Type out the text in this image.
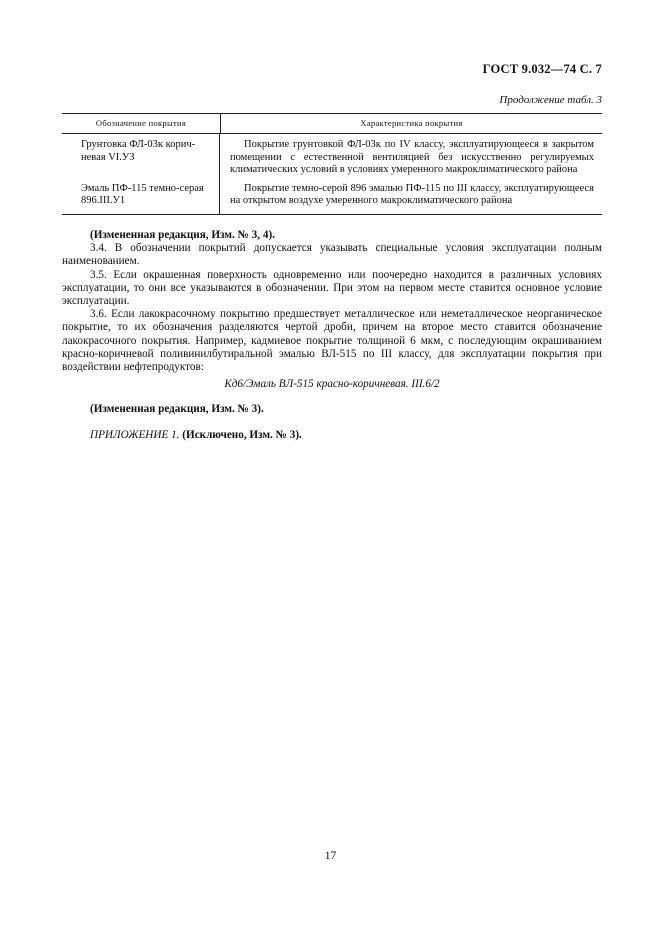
ГОСТ 9.032—74 С. 7
Продолжение табл. 3
Обозначение покрытия	Характеристика покрытия
Грунтовка ФЛ-03к корич-
невая VI.УЗ
Покрытие грунтовкой ФЛ-03к по IV классу, эксплуатирующееся в закрытом помещении с естественной вентиляцией без искусственно регулируемых климатических условий в условиях умеренного макроклиматического района
Эмаль ПФ-115 темно-серая
896.III.У1
Покрытие темно-серой 896 эмалью ПФ-115 по III классу, эксплуатирующееся на открытом воздухе умеренного макроклиматического района

(Измененная редакция, Изм. № 3, 4).

3.4. В обозначении покрытий допускается указывать специальные условия эксплуатации полным наименованием.

3.5. Если окрашенная поверхность одновременно или поочередно находится в различных условиях эксплуатации, то они все указываются в обозначении. При этом на первом месте ставится основное условие эксплуатации.

3.6. Если лакокрасочному покрытию предшествует металлическое или неметаллическое неорганическое покрытие, то их обозначения разделяются чертой дроби, причем на второе место ставится обозначение лакокрасочного покрытия. Например, кадмиевое покрытие толщиной 6 мкм, с последующим окрашиванием красно-коричневой поливинилбутиральной эмалью ВЛ-515 по III классу, для эксплуатации покрытия при воздействии нефтепродуктов:

Кд6/Эмаль ВЛ-515 красно-коричневая. III.6/2

(Измененная редакция, Изм. № 3).

ПРИЛОЖЕНИЕ 1. (Исключено, Изм. № 3).

17
